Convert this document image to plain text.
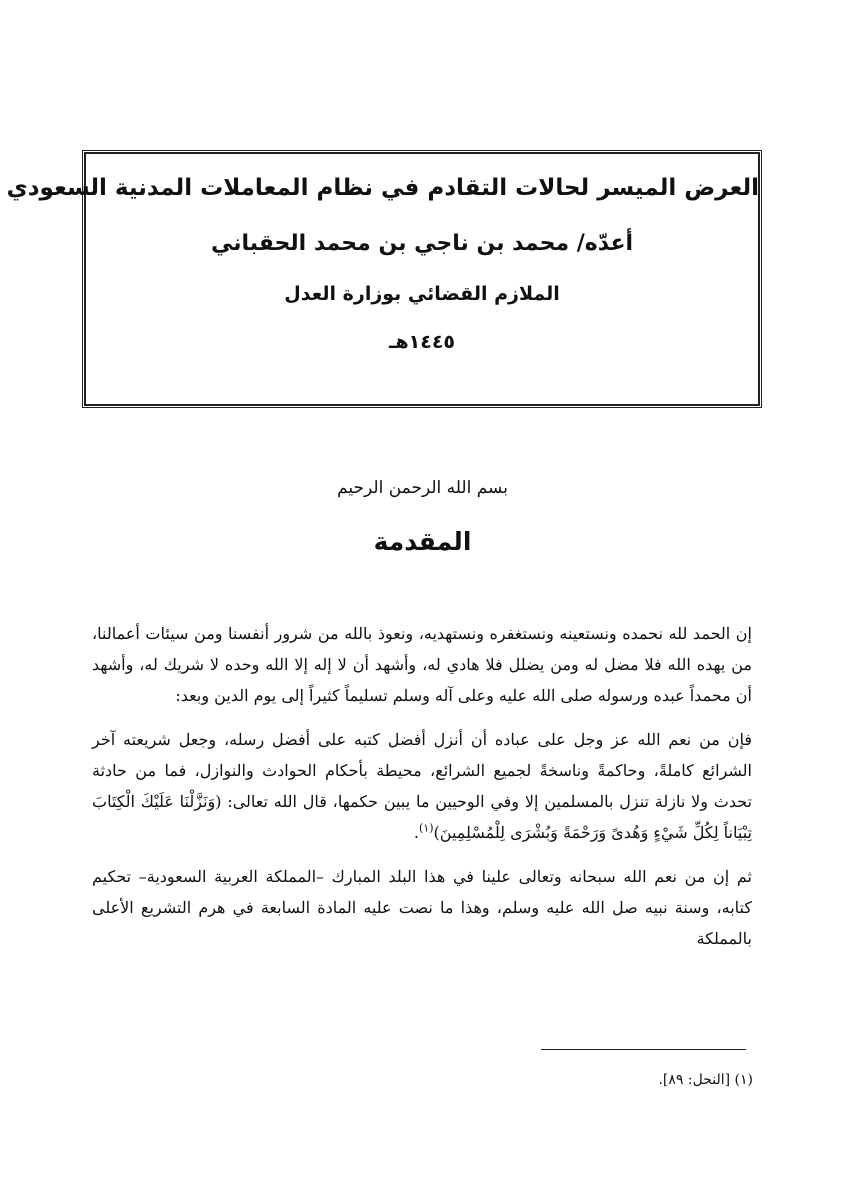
العرض الميسر لحالات التقادم في نظام المعاملات المدنية السعودي
أعدّه/ محمد بن ناجي بن محمد الحقباني
الملازم القضائي بوزارة العدل
١٤٤٥هـ
بسم الله الرحمن الرحيم
المقدمة

إن الحمد لله نحمده ونستعينه ونستغفره ونستهديه، ونعوذ بالله من شرور أنفسنا ومن سيئات أعمالنا، من يهده الله فلا مضل له ومن يضلل فلا هادي له، وأشهد أن لا إله إلا الله وحده لا شريك له، وأشهد أن محمداً عبده ورسوله صلى الله عليه وعلى آله وسلم تسليماً كثيراً إلى يوم الدين وبعد:

فإن من نعم الله عز وجل على عباده أن أنزل أفضل كتبه على أفضل رسله، وجعل شريعته آخر الشرائع كاملةً، وحاكمةً وناسخةً لجميع الشرائع، محيطة بأحكام الحوادث والنوازل، فما من حادثة تحدث ولا نازلة تنزل بالمسلمين إلا وفي الوحيين ما يبين حكمها، قال الله تعالى: (وَنَزَّلْنَا عَلَيْكَ الْكِتَابَ تِبْيَاناً لِكُلِّ شَيْءٍ وَهُدىً وَرَحْمَةً وَبُشْرَى لِلْمُسْلِمِينَ)$^{(١)}$.

ثم إن من نعم الله سبحانه وتعالى علينا في هذا البلد المبارك –المملكة العربية السعودية– تحكيم كتابه، وسنة نبيه صل الله عليه وسلم، وهذا ما نصت عليه المادة السابعة في هرم التشريع الأعلى بالمملكة

(١) [النحل: ٨٩].
